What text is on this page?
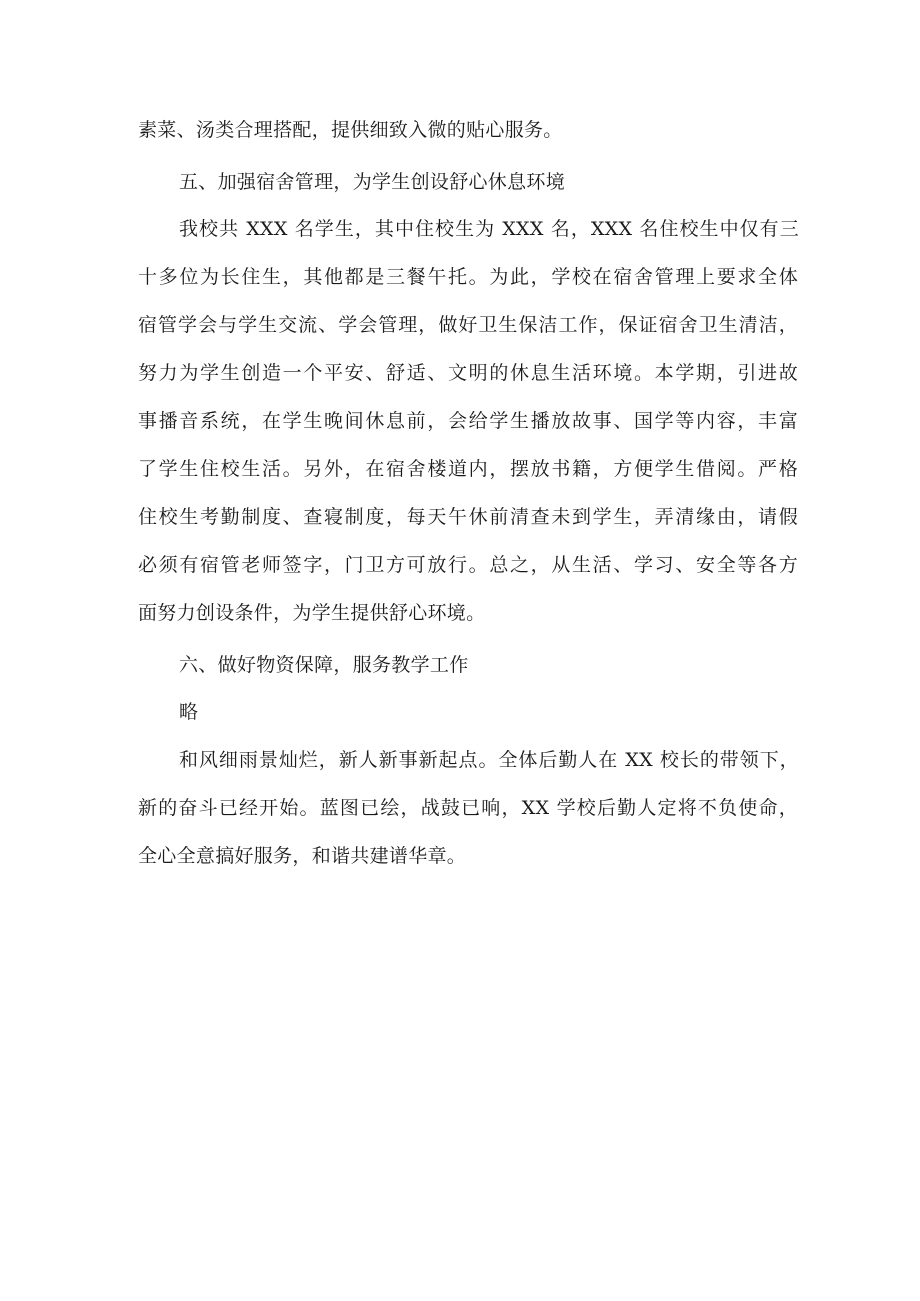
素菜、汤类合理搭配，提供细致入微的贴心服务。
五、加强宿舍管理，为学生创设舒心休息环境
我校共 XXX 名学生，其中住校生为 XXX 名，XXX 名住校生中仅有三
十多位为长住生，其他都是三餐午托。为此，学校在宿舍管理上要求全体
宿管学会与学生交流、学会管理，做好卫生保洁工作，保证宿舍卫生清洁，
努力为学生创造一个平安、舒适、文明的休息生活环境。本学期，引进故
事播音系统，在学生晚间休息前，会给学生播放故事、国学等内容，丰富
了学生住校生活。另外，在宿舍楼道内，摆放书籍，方便学生借阅。严格
住校生考勤制度、查寝制度，每天午休前清查未到学生，弄清缘由，请假
必须有宿管老师签字，门卫方可放行。总之，从生活、学习、安全等各方
面努力创设条件，为学生提供舒心环境。
六、做好物资保障，服务教学工作
略
和风细雨景灿烂，新人新事新起点。全体后勤人在 XX 校长的带领下，
新的奋斗已经开始。蓝图已绘，战鼓已响，XX 学校后勤人定将不负使命，
全心全意搞好服务，和谐共建谱华章。
